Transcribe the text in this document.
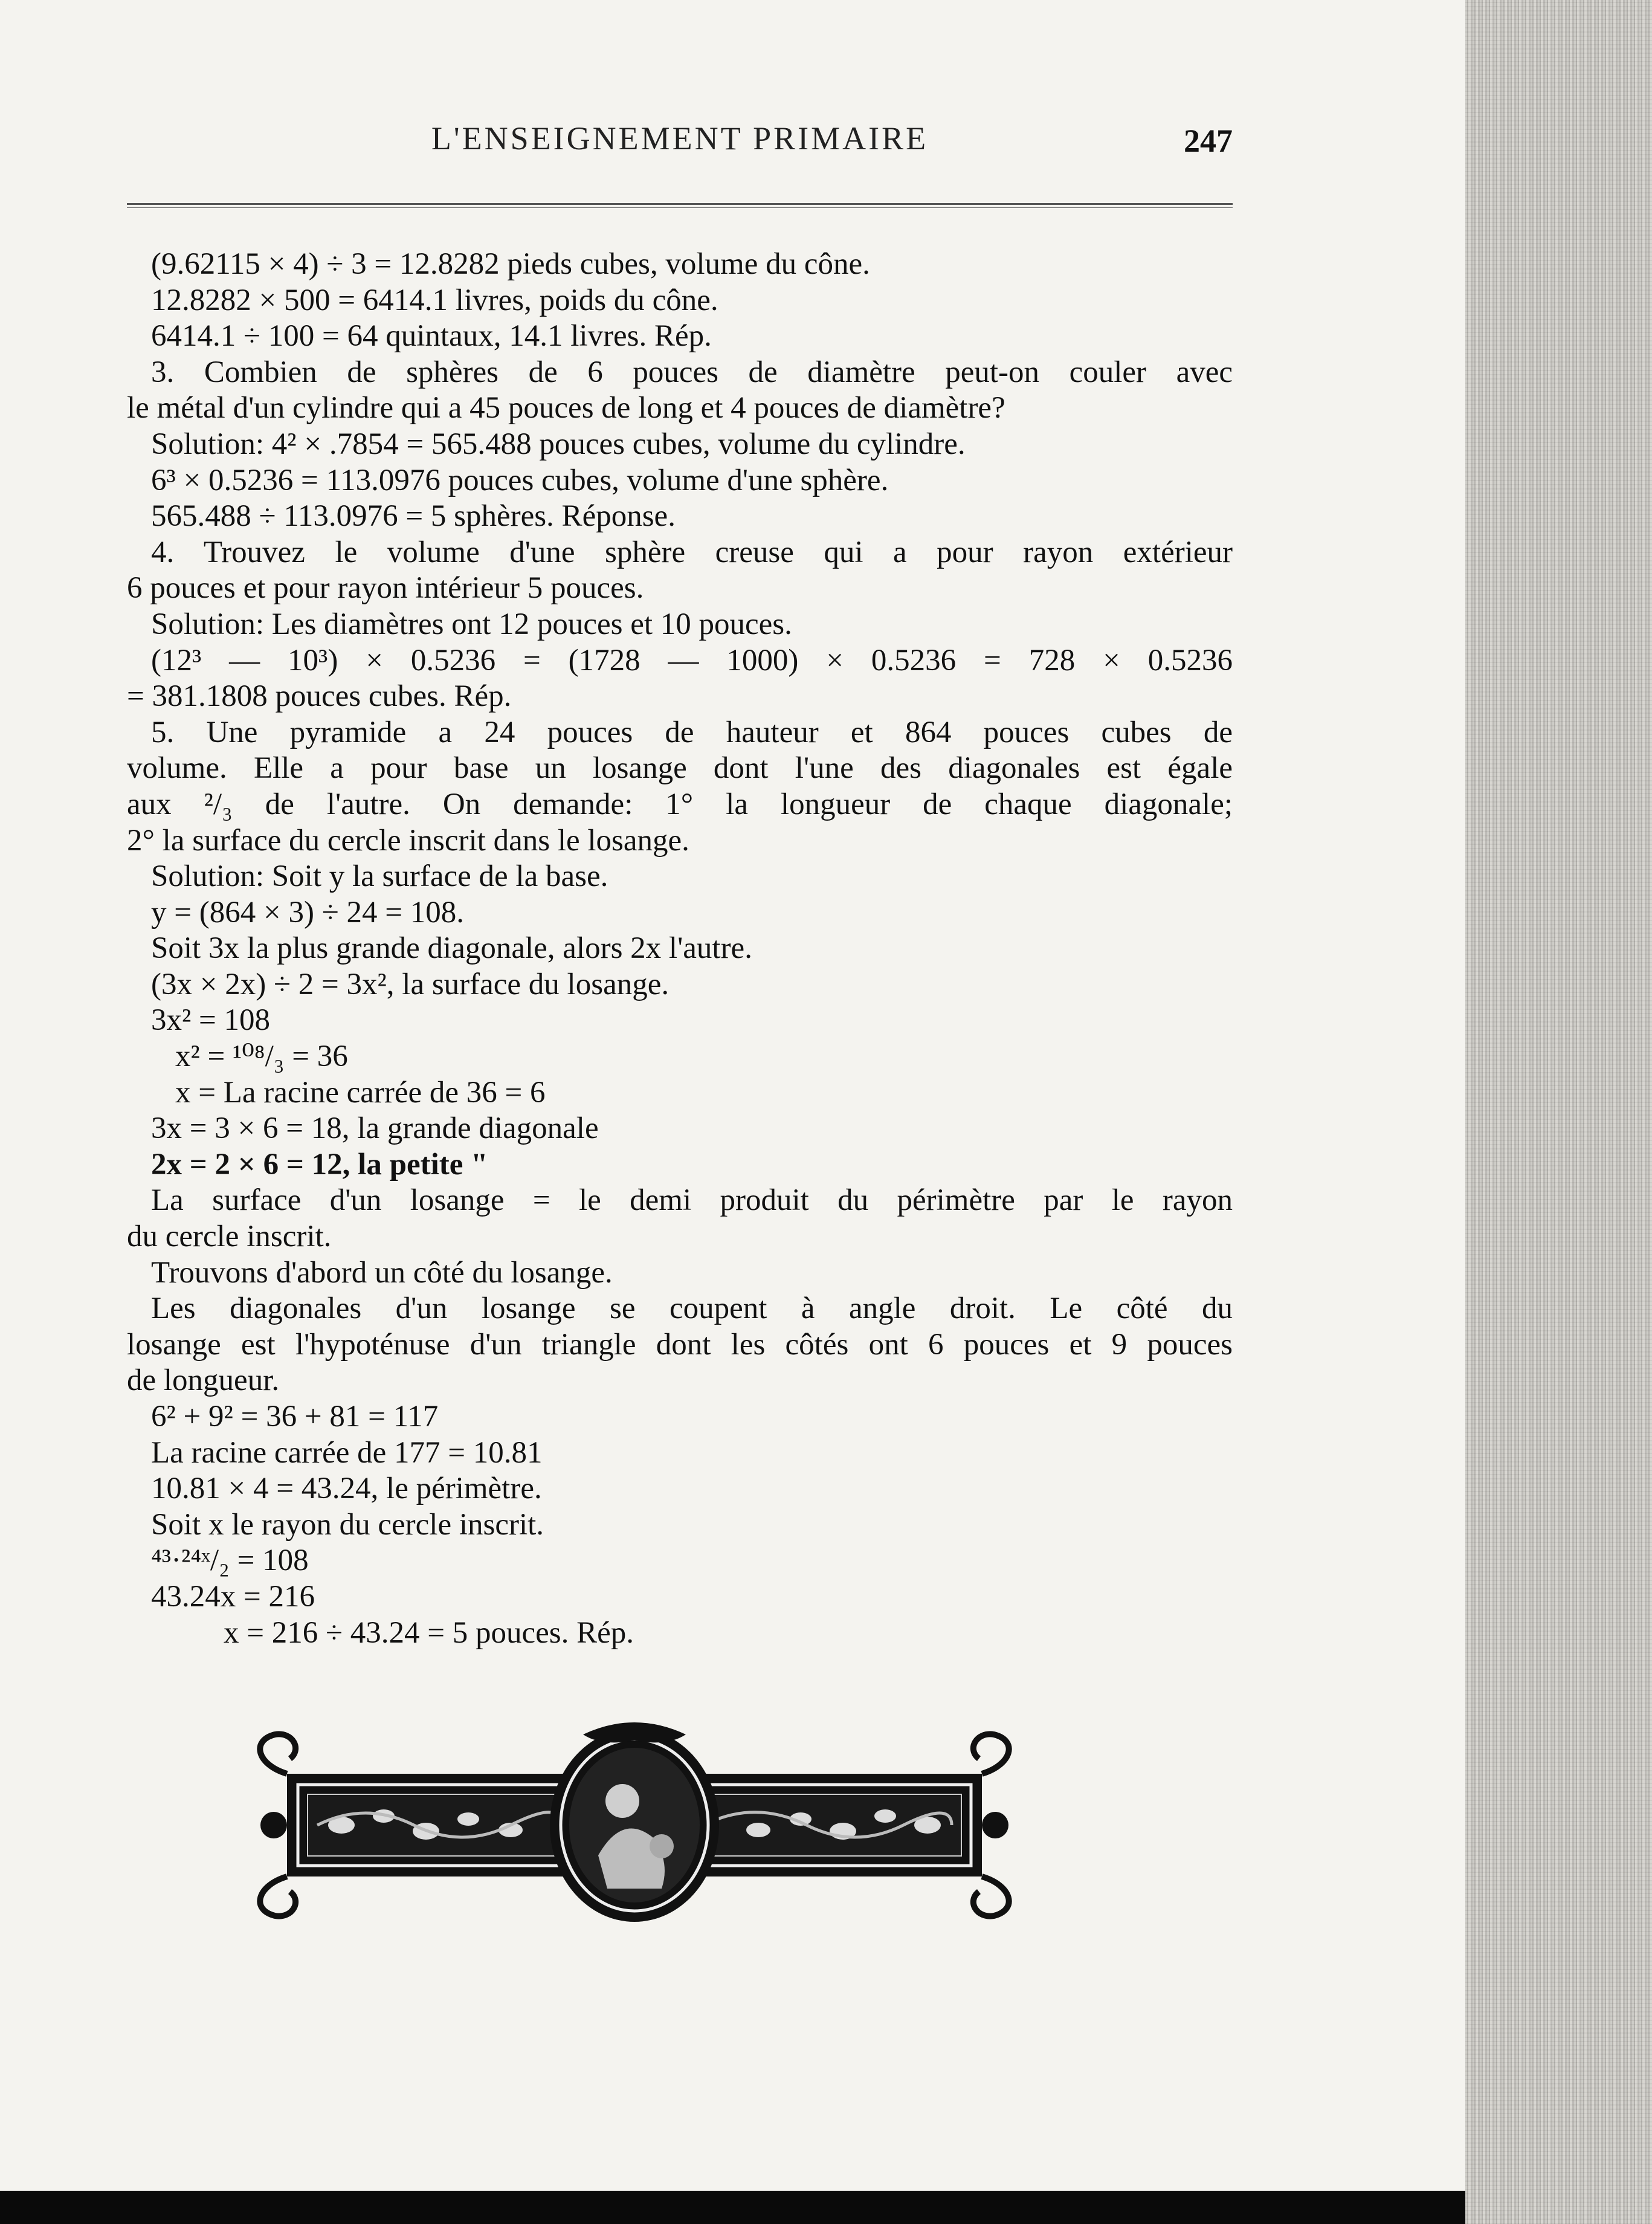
L'ENSEIGNEMENT PRIMAIRE	247
(9.62115 × 4) ÷ 3 = 12.8282 pieds cubes, volume du cône.
12.8282 × 500 = 6414.1 livres, poids du cône.
6414.1 ÷ 100 = 64 quintaux, 14.1 livres. Rép.
3. Combien de sphères de 6 pouces de diamètre peut-on couler avec
le métal d'un cylindre qui a 45 pouces de long et 4 pouces de diamètre?
Solution: 4² × .7854 = 565.488 pouces cubes, volume du cylindre.
6³ × 0.5236 = 113.0976 pouces cubes, volume d'une sphère.
565.488 ÷ 113.0976 = 5 sphères. Réponse.
4. Trouvez le volume d'une sphère creuse qui a pour rayon extérieur
6 pouces et pour rayon intérieur 5 pouces.
Solution: Les diamètres ont 12 pouces et 10 pouces.
(12³ — 10³) × 0.5236 = (1728 — 1000) × 0.5236 = 728 × 0.5236
= 381.1808 pouces cubes. Rép.
5. Une pyramide a 24 pouces de hauteur et 864 pouces cubes de
volume. Elle a pour base un losange dont l'une des diagonales est égale
aux ²/₃ de l'autre. On demande: 1° la longueur de chaque diagonale;
2° la surface du cercle inscrit dans le losange.
Solution: Soit y la surface de la base.
y = (864 × 3) ÷ 24 = 108.
Soit 3x la plus grande diagonale, alors 2x l'autre.
(3x × 2x) ÷ 2 = 3x², la surface du losange.
3x² = 108
x² = ¹⁰⁸/₃ = 36
x = La racine carrée de 36 = 6
3x = 3 × 6 = 18, la grande diagonale
2x = 2 × 6 = 12, la petite "
La surface d'un losange = le demi produit du périmètre par le rayon
du cercle inscrit.
Trouvons d'abord un côté du losange.
Les diagonales d'un losange se coupent à angle droit. Le côté du
losange est l'hypoténuse d'un triangle dont les côtés ont 6 pouces et 9 pouces
de longueur.
6² + 9² = 36 + 81 = 117
La racine carrée de 177 = 10.81
10.81 × 4 = 43.24, le périmètre.
Soit x le rayon du cercle inscrit.
⁴³·²⁴ˣ/₂ = 108
43.24x = 216
x = 216 ÷ 43.24 = 5 pouces. Rép.
